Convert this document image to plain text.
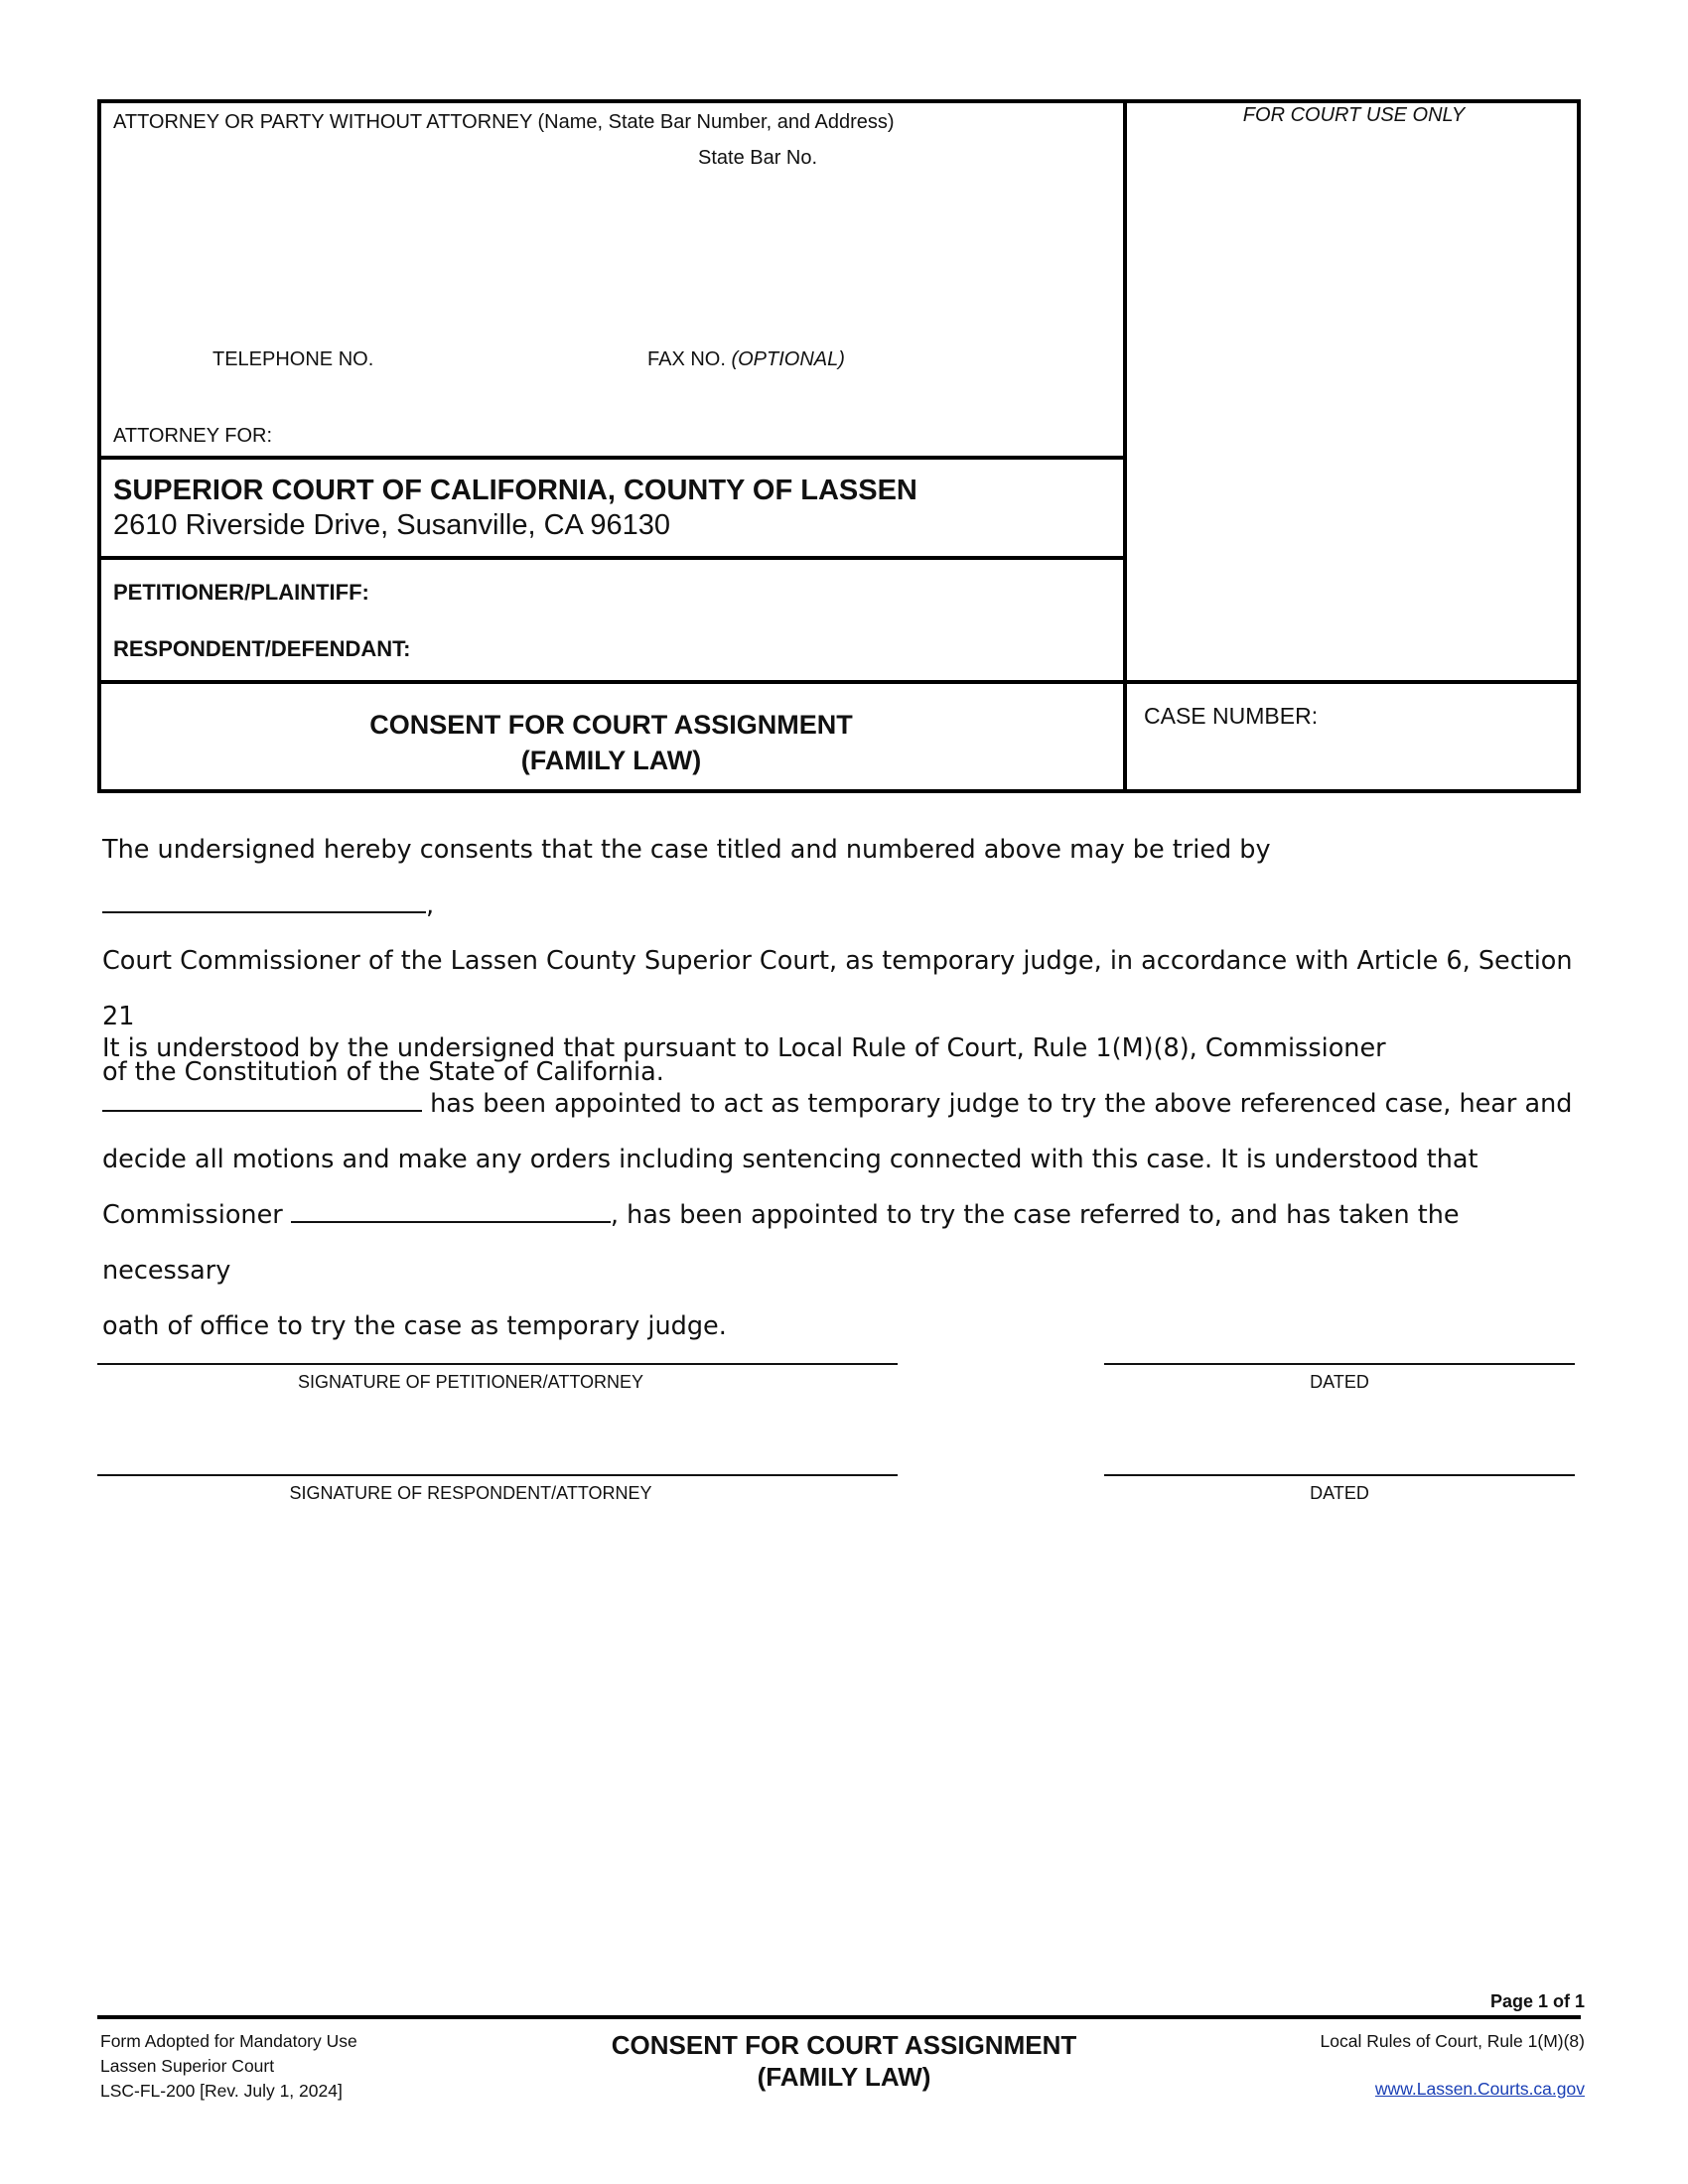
ATTORNEY OR PARTY WITHOUT ATTORNEY (Name, State Bar Number, and Address)
State Bar No.
TELEPHONE NO.	FAX NO. (OPTIONAL)
ATTORNEY FOR:
FOR COURT USE ONLY
SUPERIOR COURT OF CALIFORNIA, COUNTY OF LASSEN
2610 Riverside Drive, Susanville, CA 96130
PETITIONER/PLAINTIFF:
RESPONDENT/DEFENDANT:
CONSENT FOR COURT ASSIGNMENT
(FAMILY LAW)
CASE NUMBER:
The undersigned hereby consents that the case titled and numbered above may be tried by ,
Court Commissioner of the Lassen County Superior Court, as temporary judge, in accordance with Article 6, Section 21
of the Constitution of the State of California.
It is understood by the undersigned that pursuant to Local Rule of Court, Rule 1(M)(8), Commissioner
has been appointed to act as temporary judge to try the above referenced case, hear and
decide all motions and make any orders including sentencing connected with this case. It is understood that
Commissioner	, has been appointed to try the case referred to, and has taken the necessary
oath of office to try the case as temporary judge.
SIGNATURE OF PETITIONER/ATTORNEY	DATED
SIGNATURE OF RESPONDENT/ATTORNEY	DATED
Page 1 of 1
Form Adopted for Mandatory Use
Lassen Superior Court
LSC-FL-200 [Rev. July 1, 2024]
CONSENT FOR COURT ASSIGNMENT
(FAMILY LAW)
Local Rules of Court, Rule 1(M)(8)
www.Lassen.Courts.ca.gov
